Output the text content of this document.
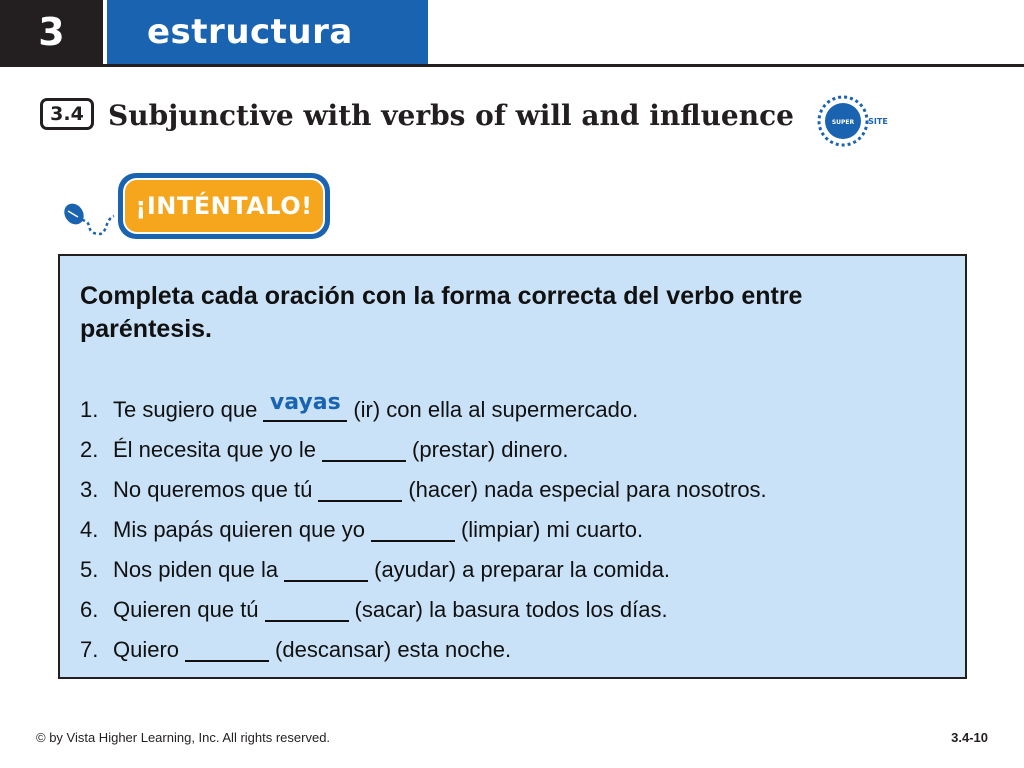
3	estructura
3.4 Subjunctive with verbs of will and influence	SUPER SITE
¡INTÉNTALO!
Completa cada oración con la forma correcta del verbo entre paréntesis.
1. Te sugiero que vayas (ir) con ella al supermercado.
2. Él necesita que yo le	(prestar) dinero.
3. No queremos que tú	(hacer) nada especial para nosotros.
4. Mis papás quieren que yo	(limpiar) mi cuarto.
5. Nos piden que la	(ayudar) a preparar la comida.
6. Quieren que tú	(sacar) la basura todos los días.
7. Quiero	(descansar) esta noche.
© by Vista Higher Learning, Inc. All rights reserved.	3.4-10
